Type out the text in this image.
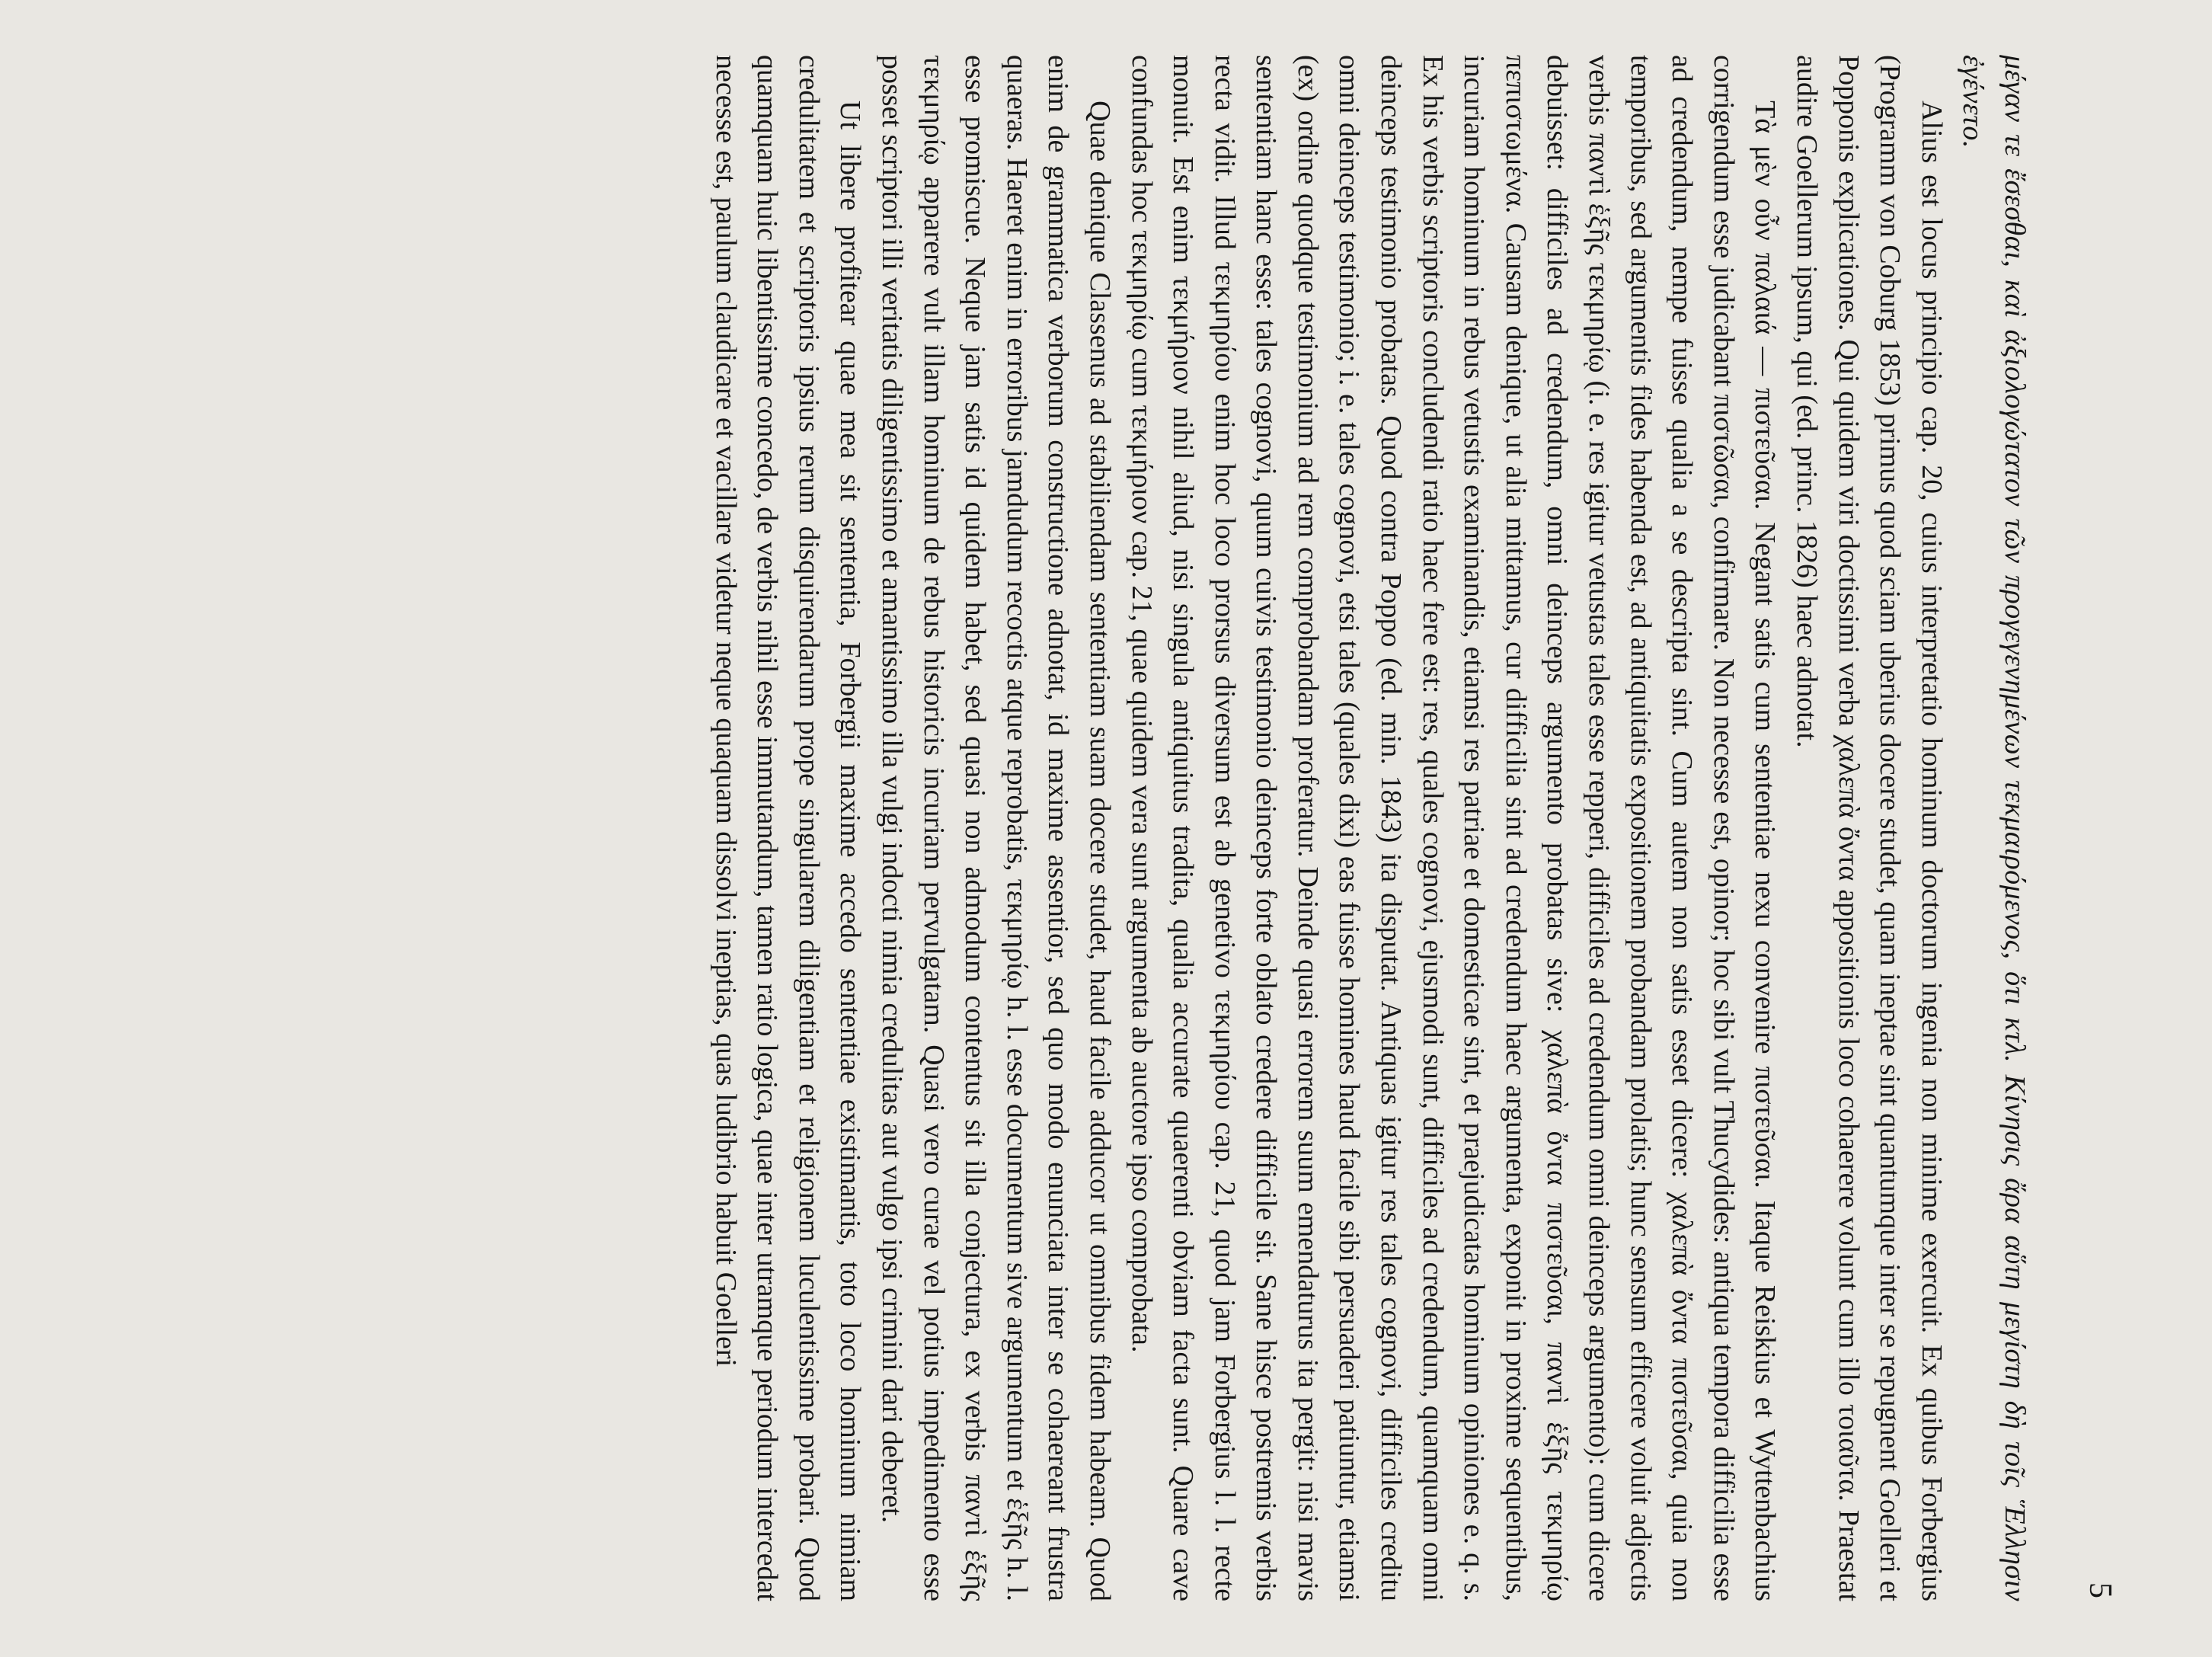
5

μέγαν τε ἔσεσθαι, καὶ ἀξιολογώτατον τῶν προγεγενημένων τεκμαιρόμενος, ὅτι κτλ. Κίνησις ἄρα αὕτη μεγίστη δὴ τοῖς Ἕλλησιν ἐγένετο.

Alius est locus principio cap. 20, cuius interpretatio hominum doctorum ingenia non minime exercuit. Ex quibus Forbergius (Programm von Coburg 1853) primus quod sciam uberius docere studet, quam ineptae sint quantumque inter se repugnent Goelleri et Popponis explicationes. Qui quidem viri doctissimi verba χαλεπὰ ὄντα appositionis loco cohaerere volunt cum illo τοιαῦτα. Praestat audire Goellerum ipsum, qui (ed. princ. 1826) haec adnotat.

Τὰ μὲν οὖν παλαιά — πιστεῦσαι. Negant satis cum sententiae nexu convenire πιστεῦσαι. Itaque Reiskius et Wyttenbachius corrigendum esse judicabant πιστῶσαι, confirmare. Non necesse est, opinor; hoc sibi vult Thucydides: antiqua tempora difficilia esse ad credendum, nempe fuisse qualia a se descripta sint. Cum autem non satis esset dicere: χαλεπὰ ὄντα πιστεῦσαι, quia non temporibus, sed argumentis fides habenda est, ad antiquitatis expositionem probandam prolatis; hunc sensum efficere voluit adjectis verbis παντὶ ἑξῆς τεκμηρίῳ (i. e. res igitur vetustas tales esse repperi, difficiles ad credendum omni deinceps argumento): cum dicere debuisset: difficiles ad credendum, omni deinceps argumento probatas sive: χαλεπὰ ὄντα πιστεῦσαι, παντὶ ἑξῆς τεκμηρίῳ πεπιστωμένα. Causam denique, ut alia mittamus, cur difficilia sint ad credendum haec argumenta, exponit in proxime sequentibus, incuriam hominum in rebus vetustis examinandis, etiamsi res patriae et domesticae sint, et praejudicatas hominum opiniones e. q. s. Ex his verbis scriptoris concludendi ratio haec fere est: res, quales cognovi, ejusmodi sunt, difficiles ad credendum, quamquam omni deinceps testimonio probatas. Quod contra Poppo (ed. min. 1843) ita disputat. Antiquas igitur res tales cognovi, difficiles creditu omni deinceps testimonio; i. e. tales cognovi, etsi tales (quales dixi) eas fuisse homines haud facile sibi persuaderi patiuntur, etiamsi (ex) ordine quodque testimonium ad rem comprobandam proferatur. Deinde quasi errorem suum emendaturus ita pergit: nisi mavis sententiam hanc esse: tales cognovi, quum cuivis testimonio deinceps forte oblato credere difficile sit. Sane hisce postremis verbis recta vidit. Illud τεκμηρίου enim hoc loco prorsus diversum est ab genetivo τεκμηρίου cap. 21, quod jam Forbergius l. l. recte monuit. Est enim τεκμήριον nihil aliud, nisi singula antiquitus tradita, qualia accurate quaerenti obviam facta sunt. Quare cave confundas hoc τεκμηρίῳ cum τεκμήριον cap. 21, quae quidem vera sunt argumenta ab auctore ipso comprobata.

Quae denique Classenus ad stabiliendam sententiam suam docere studet, haud facile adducor ut omnibus fidem habeam. Quod enim de grammatica verborum constructione adnotat, id maxime assentior, sed quo modo enunciata inter se cohaereant frustra quaeras. Haeret enim in erroribus jamdudum recoctis atque reprobatis, τεκμηρίῳ h. l. esse documentum sive argumentum et ἑξῆς h. l. esse promiscue. Neque jam satis id quidem habet, sed quasi non admodum contentus sit illa conjectura, ex verbis παντὶ ἑξῆς τεκμηρίῳ apparere vult illam hominum de rebus historicis incuriam pervulgatam. Quasi vero curae vel potius impedimento esse posset scriptori illi veritatis diligentissimo et amantissimo illa vulgi indocti nimia credulitas aut vulgo ipsi crimini dari deberet.

Ut libere profitear quae mea sit sententia, Forbergii maxime accedo sententiae existimantis, toto loco hominum nimiam credulitatem et scriptoris ipsius rerum disquirendarum prope singularem diligentiam et religionem luculentissime probari. Quod quamquam huic libentissime concedo, de verbis nihil esse immutandum, tamen ratio logica, quae inter utramque periodum intercedat necesse est, paulum claudicare et vacillare videtur neque quaquam dissolvi ineptias, quas ludibrio habuit Goelleri
